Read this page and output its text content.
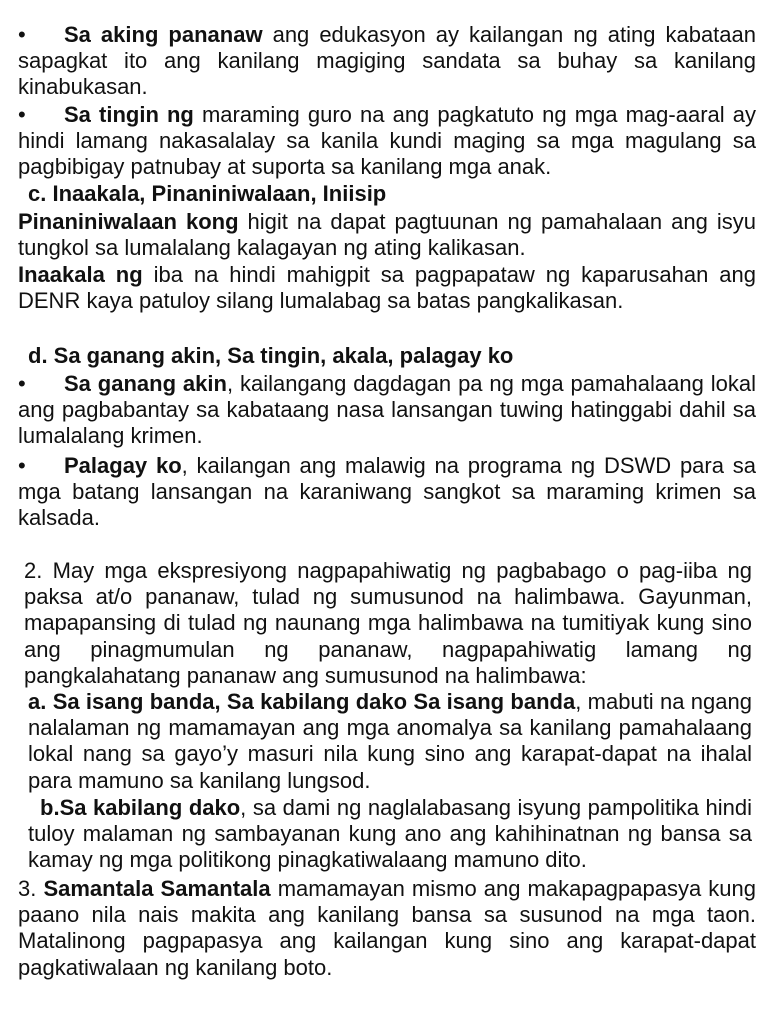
• Sa aking pananaw ang edukasyon ay kailangan ng ating kabataan sapagkat ito ang kanilang magiging sandata sa buhay sa kanilang kinabukasan.

• Sa tingin ng maraming guro na ang pagkatuto ng mga mag-aaral ay hindi lamang nakasalalay sa kanila kundi maging sa mga magulang sa pagbibigay patnubay at suporta sa kanilang mga anak.

c. Inaakala, Pinaniniwalaan, Iniisip

Pinaniniwalaan kong higit na dapat pagtuunan ng pamahalaan ang isyu tungkol sa lumalalang kalagayan ng ating kalikasan.

Inaakala ng iba na hindi mahigpit sa pagpapataw ng kaparusahan ang DENR kaya patuloy silang lumalabag sa batas pangkalikasan.

d. Sa ganang akin, Sa tingin, akala, palagay ko

• Sa ganang akin, kailangang dagdagan pa ng mga pamahalaang lokal ang pagbabantay sa kabataang nasa lansangan tuwing hatinggabi dahil sa lumalalang krimen.

• Palagay ko, kailangan ang malawig na programa ng DSWD para sa mga batang lansangan na karaniwang sangkot sa maraming krimen sa kalsada.

2. May mga ekspresiyong nagpapahiwatig ng pagbabago o pag-iiba ng paksa at/o pananaw, tulad ng sumusunod na halimbawa. Gayunman, mapapansing di tulad ng naunang mga halimbawa na tumitiyak kung sino ang pinagmumulan ng pananaw, nagpapahiwatig lamang ng pangkalahatang pananaw ang sumusunod na halimbawa:

a. Sa isang banda, Sa kabilang dako Sa isang banda, mabuti na ngang nalalaman ng mamamayan ang mga anomalya sa kanilang pamahalaang lokal nang sa gayo’y masuri nila kung sino ang karapat-dapat na ihalal para mamuno sa kanilang lungsod.

b.Sa kabilang dako, sa dami ng naglalabasang isyung pampolitika hindi tuloy malaman ng sambayanan kung ano ang kahihinatnan ng bansa sa kamay ng mga politikong pinagkatiwalaang mamuno dito.

3. Samantala Samantala mamamayan mismo ang makapagpapasya kung paano nila nais makita ang kanilang bansa sa susunod na mga taon. Matalinong pagpapasya ang kailangan kung sino ang karapat-dapat pagkatiwalaan ng kanilang boto.
